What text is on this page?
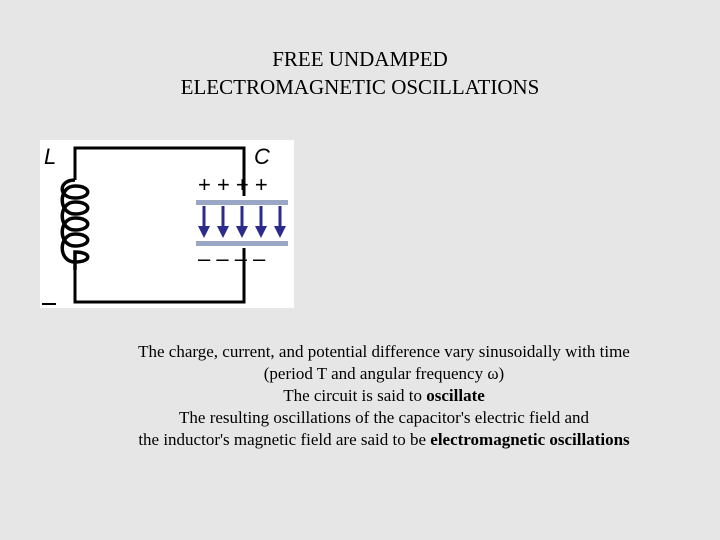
FREE UNDAMPED
ELECTROMAGNETIC OSCILLATIONS
L	C
+ + + +
– – – –
The charge, current, and potential difference vary sinusoidally with time
(period T and angular frequency ω)
The circuit is said to oscillate
The resulting oscillations of the capacitor's electric field and
the inductor's magnetic field are said to be electromagnetic oscillations
